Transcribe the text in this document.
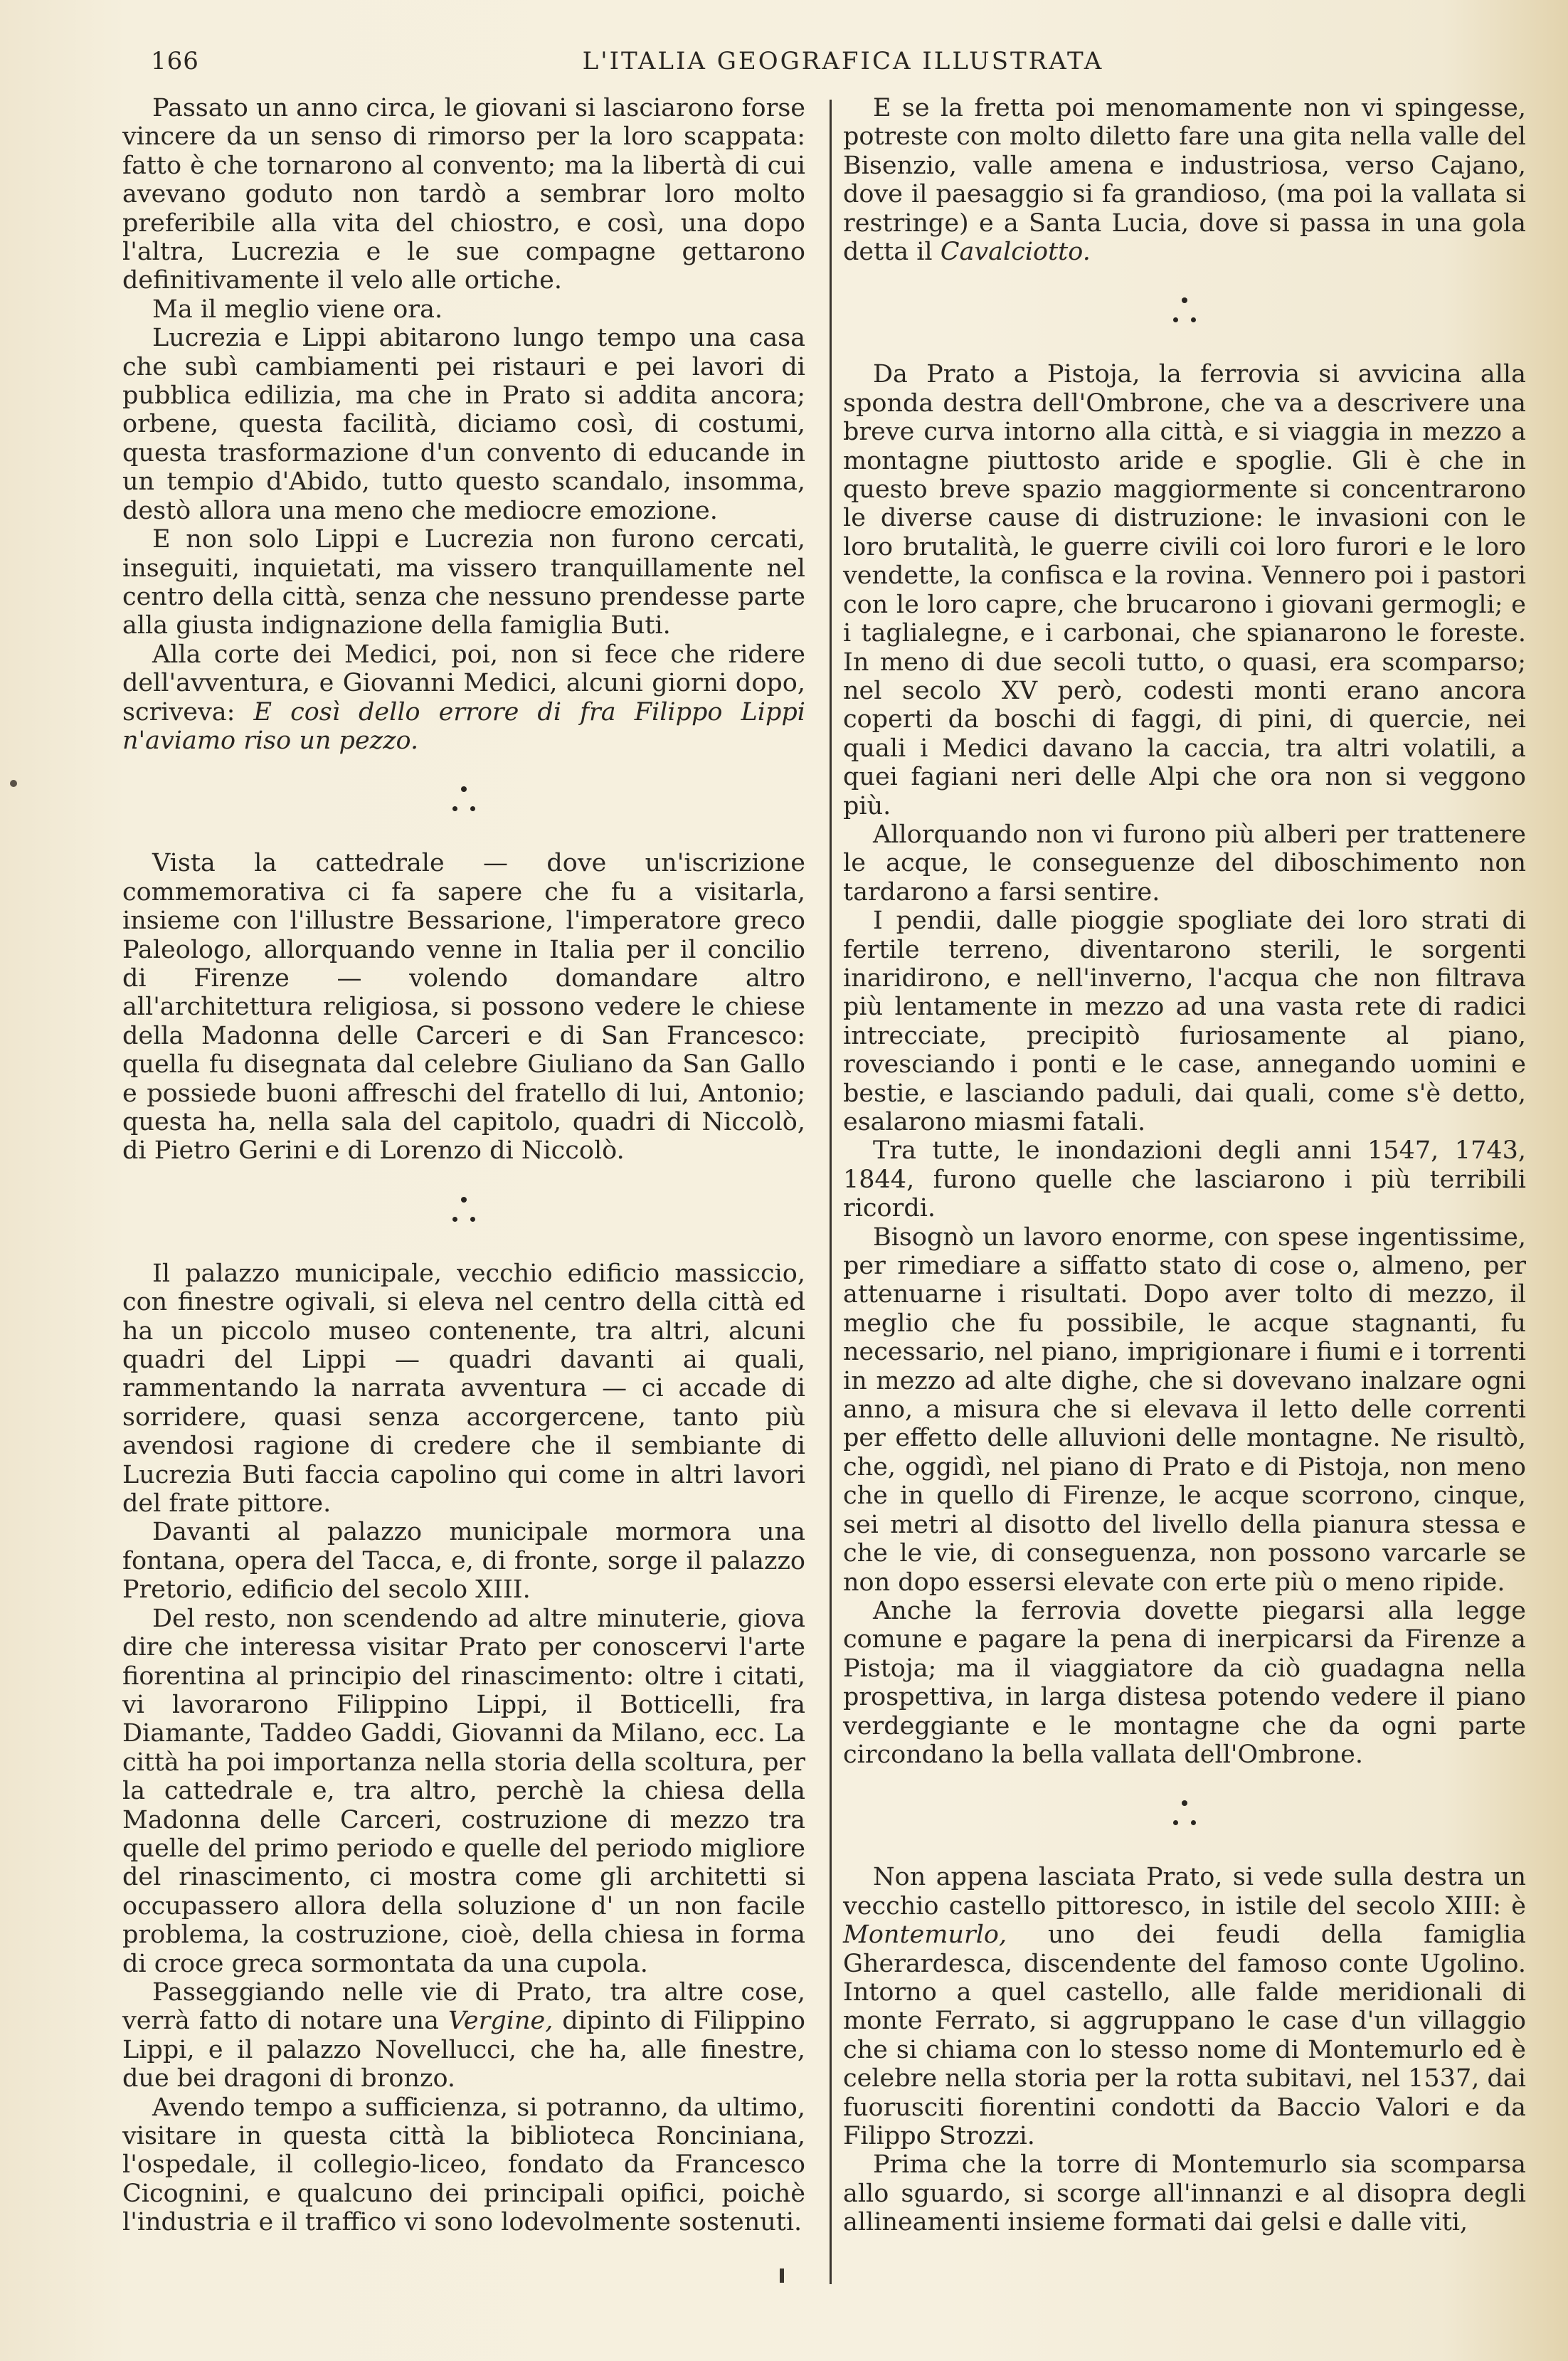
166	L'ITALIA GEOGRAFICA ILLUSTRATA

Passato un anno circa, le giovani si lasciarono forse vincere da un senso di rimorso per la loro scappata: fatto è che tornarono al convento; ma la libertà di cui avevano goduto non tardò a sembrar loro molto preferibile alla vita del chiostro, e così, una dopo l'altra, Lucrezia e le sue compagne gettarono definitivamente il velo alle ortiche.

Ma il meglio viene ora.

Lucrezia e Lippi abitarono lungo tempo una casa che subì cambiamenti pei ristauri e pei lavori di pubblica edilizia, ma che in Prato si addita ancora; orbene, questa facilità, diciamo così, di costumi, questa trasformazione d'un convento di educande in un tempio d'Abido, tutto questo scandalo, insomma, destò allora una meno che mediocre emozione.

E non solo Lippi e Lucrezia non furono cercati, inseguiti, inquietati, ma vissero tranquillamente nel centro della città, senza che nessuno prendesse parte alla giusta indignazione della famiglia Buti.

Alla corte dei Medici, poi, non si fece che ridere dell'avventura, e Giovanni Medici, alcuni giorni dopo, scriveva: E così dello errore di fra Filippo Lippi n'aviamo riso un pezzo.

Vista la cattedrale — dove un'iscrizione commemorativa ci fa sapere che fu a visitarla, insieme con l'illustre Bessarione, l'imperatore greco Paleologo, allorquando venne in Italia per il concilio di Firenze — volendo domandare altro all'architettura religiosa, si possono vedere le chiese della Madonna delle Carceri e di San Francesco: quella fu disegnata dal celebre Giuliano da San Gallo e possiede buoni affreschi del fratello di lui, Antonio; questa ha, nella sala del capitolo, quadri di Niccolò, di Pietro Gerini e di Lorenzo di Niccolò.

Il palazzo municipale, vecchio edificio massiccio, con finestre ogivali, si eleva nel centro della città ed ha un piccolo museo contenente, tra altri, alcuni quadri del Lippi — quadri davanti ai quali, rammentando la narrata avventura — ci accade di sorridere, quasi senza accorgercene, tanto più avendosi ragione di credere che il sembiante di Lucrezia Buti faccia capolino qui come in altri lavori del frate pittore.

Davanti al palazzo municipale mormora una fontana, opera del Tacca, e, di fronte, sorge il palazzo Pretorio, edificio del secolo XIII.

Del resto, non scendendo ad altre minuterie, giova dire che interessa visitar Prato per conoscervi l'arte fiorentina al principio del rinascimento: oltre i citati, vi lavorarono Filippino Lippi, il Botticelli, fra Diamante, Taddeo Gaddi, Giovanni da Milano, ecc. La città ha poi importanza nella storia della scoltura, per la cattedrale e, tra altro, perchè la chiesa della Madonna delle Carceri, costruzione di mezzo tra quelle del primo periodo e quelle del periodo migliore del rinascimento, ci mostra come gli architetti si occupassero allora della soluzione d' un non facile problema, la costruzione, cioè, della chiesa in forma di croce greca sormontata da una cupola.

Passeggiando nelle vie di Prato, tra altre cose, verrà fatto di notare una Vergine, dipinto di Filippino Lippi, e il palazzo Novellucci, che ha, alle finestre, due bei dragoni di bronzo.

Avendo tempo a sufficienza, si potranno, da ultimo, visitare in questa città la biblioteca Ronciniana, l'ospedale, il collegio-liceo, fondato da Francesco Cicognini, e qualcuno dei principali opifici, poichè l'industria e il traffico vi sono lodevolmente sostenuti.

E se la fretta poi menomamente non vi spingesse, potreste con molto diletto fare una gita nella valle del Bisenzio, valle amena e industriosa, verso Cajano, dove il paesaggio si fa grandioso, (ma poi la vallata si restringe) e a Santa Lucia, dove si passa in una gola detta il Cavalciotto.

Da Prato a Pistoja, la ferrovia si avvicina alla sponda destra dell'Ombrone, che va a descrivere una breve curva intorno alla città, e si viaggia in mezzo a montagne piuttosto aride e spoglie. Gli è che in questo breve spazio maggiormente si concentrarono le diverse cause di distruzione: le invasioni con le loro brutalità, le guerre civili coi loro furori e le loro vendette, la confisca e la rovina. Vennero poi i pastori con le loro capre, che brucarono i giovani germogli; e i taglialegne, e i carbonai, che spianarono le foreste. In meno di due secoli tutto, o quasi, era scomparso; nel secolo XV però, codesti monti erano ancora coperti da boschi di faggi, di pini, di quercie, nei quali i Medici davano la caccia, tra altri volatili, a quei fagiani neri delle Alpi che ora non si veggono più.

Allorquando non vi furono più alberi per trattenere le acque, le conseguenze del diboschimento non tardarono a farsi sentire.

I pendii, dalle pioggie spogliate dei loro strati di fertile terreno, diventarono sterili, le sorgenti inaridirono, e nell'inverno, l'acqua che non filtrava più lentamente in mezzo ad una vasta rete di radici intrecciate, precipitò furiosamente al piano, rovesciando i ponti e le case, annegando uomini e bestie, e lasciando paduli, dai quali, come s'è detto, esalarono miasmi fatali.

Tra tutte, le inondazioni degli anni 1547, 1743, 1844, furono quelle che lasciarono i più terribili ricordi.

Bisognò un lavoro enorme, con spese ingentissime, per rimediare a siffatto stato di cose o, almeno, per attenuarne i risultati. Dopo aver tolto di mezzo, il meglio che fu possibile, le acque stagnanti, fu necessario, nel piano, imprigionare i fiumi e i torrenti in mezzo ad alte dighe, che si dovevano inalzare ogni anno, a misura che si elevava il letto delle correnti per effetto delle alluvioni delle montagne. Ne risultò, che, oggidì, nel piano di Prato e di Pistoja, non meno che in quello di Firenze, le acque scorrono, cinque, sei metri al disotto del livello della pianura stessa e che le vie, di conseguenza, non possono varcarle se non dopo essersi elevate con erte più o meno ripide.

Anche la ferrovia dovette piegarsi alla legge comune e pagare la pena di inerpicarsi da Firenze a Pistoja; ma il viaggiatore da ciò guadagna nella prospettiva, in larga distesa potendo vedere il piano verdeggiante e le montagne che da ogni parte circondano la bella vallata dell'Ombrone.

Non appena lasciata Prato, si vede sulla destra un vecchio castello pittoresco, in istile del secolo XIII: è Montemurlo, uno dei feudi della famiglia Gherardesca, discendente del famoso conte Ugolino. Intorno a quel castello, alle falde meridionali di monte Ferrato, si aggruppano le case d'un villaggio che si chiama con lo stesso nome di Montemurlo ed è celebre nella storia per la rotta subitavi, nel 1537, dai fuorusciti fiorentini condotti da Baccio Valori e da Filippo Strozzi.

Prima che la torre di Montemurlo sia scomparsa allo sguardo, si scorge all'innanzi e al disopra degli allineamenti insieme formati dai gelsi e dalle viti,
